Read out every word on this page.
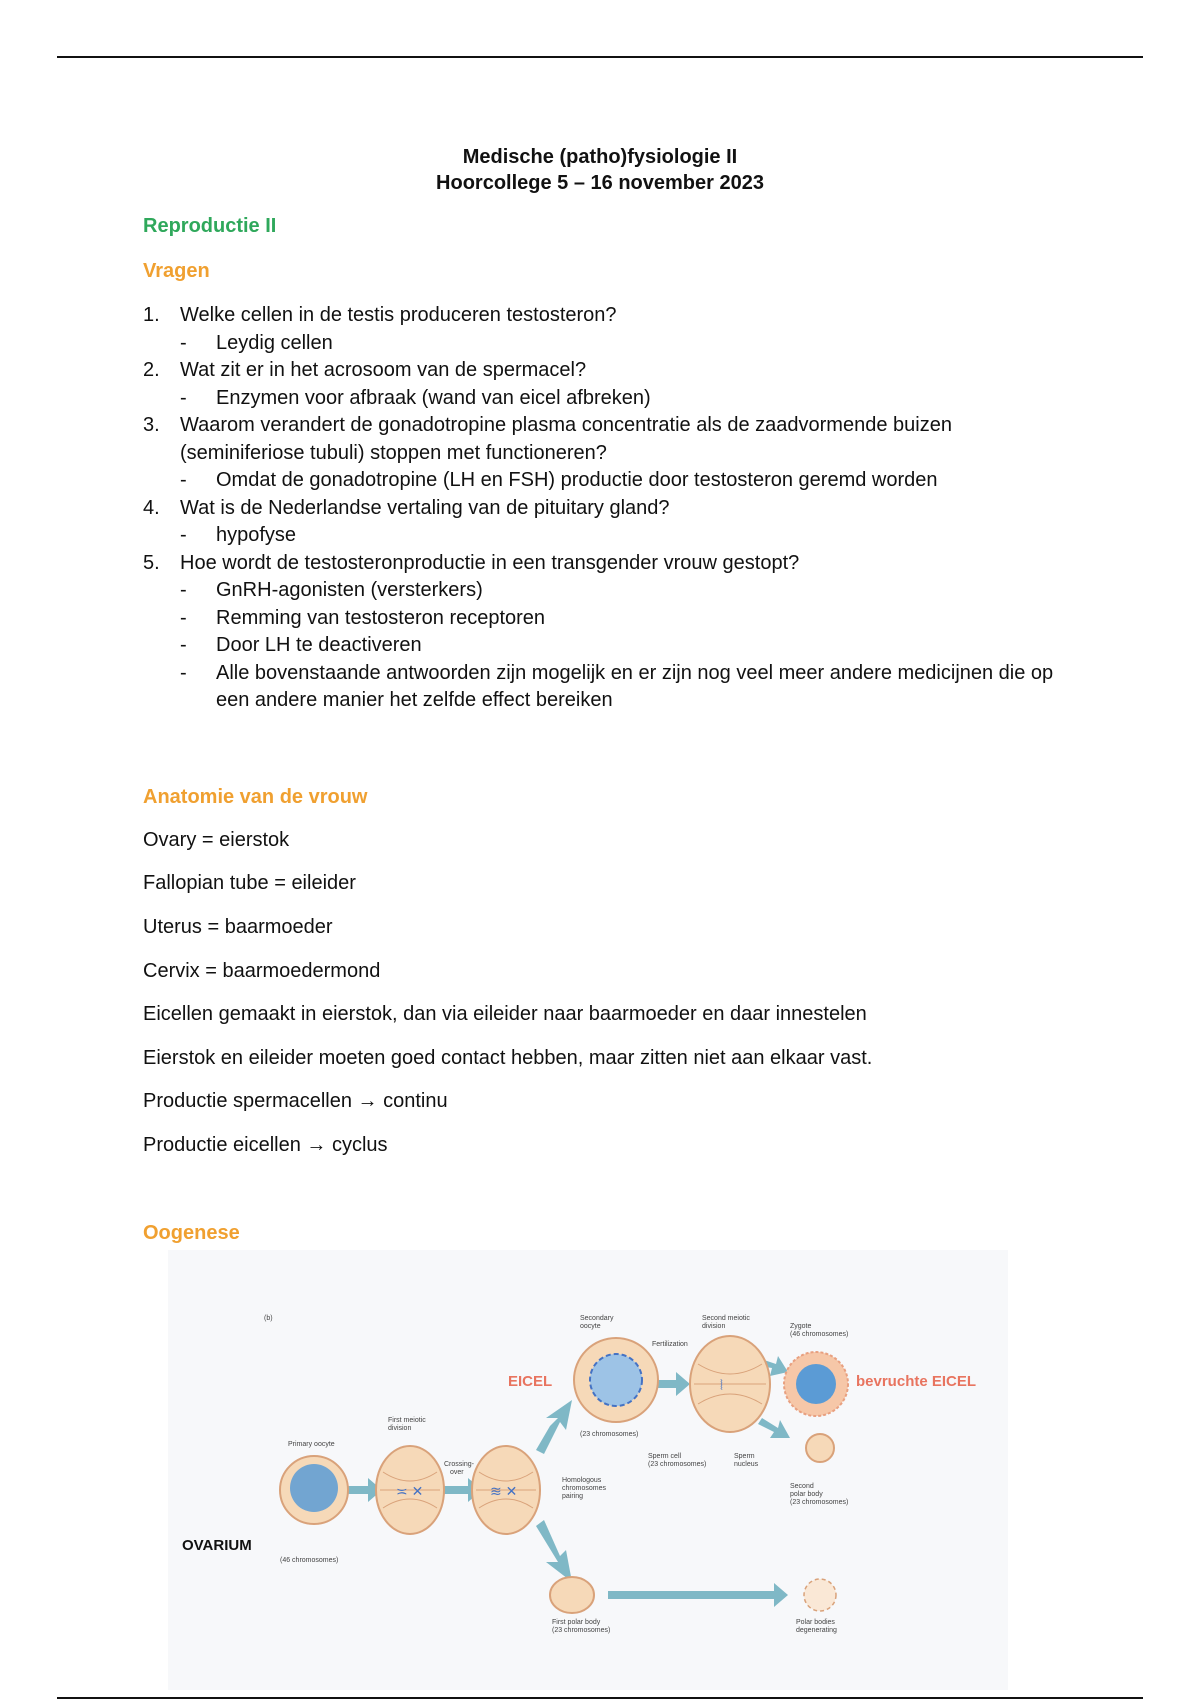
Medische (patho)fysiologie II
Hoorcollege 5 – 16 november 2023
Reproductie II
Vragen
1. Welke cellen in de testis produceren testosteron?
- Leydig cellen
2. Wat zit er in het acrosoom van de spermacel?
- Enzymen voor afbraak (wand van eicel afbreken)
3. Waarom verandert de gonadotropine plasma concentratie als de zaadvormende buizen (seminiferiose tubuli) stoppen met functioneren?
- Omdat de gonadotropine (LH en FSH) productie door testosteron geremd worden
4. Wat is de Nederlandse vertaling van de pituitary gland?
- hypofyse
5. Hoe wordt de testosteronproductie in een transgender vrouw gestopt?
- GnRH-agonisten (versterkers)
- Remming van testosteron receptoren
- Door LH te deactiveren
- Alle bovenstaande antwoorden zijn mogelijk en er zijn nog veel meer andere medicijnen die op een andere manier het zelfde effect bereiken
Anatomie van de vrouw
Ovary = eierstok
Fallopian tube = eileider
Uterus = baarmoeder
Cervix = baarmoedermond
Eicellen gemaakt in eierstok, dan via eileider naar baarmoeder en daar innestelen
Eierstok en eileider moeten goed contact hebben, maar zitten niet aan elkaar vast.
Productie spermacellen → continu
Productie eicellen → cyclus
Oogenese
≍ ✕	≋ ✕
⦚
(b)
OVARIUM
EICEL	bevruchte EICEL
Primary oocyte
(46 chromosomes)
First meiotic
division
Crossing-
over
Homologous
chromosomes
pairing
Secondary
oocyte
(23 chromosomes)
Fertilization
Second meiotic
division
Sperm cell
(23 chromosomes)
Sperm
nucleus
Zygote
(46 chromosomes)
Second
polar body
(23 chromosomes)
First polar body
(23 chromosomes)
Polar bodies
degenerating
